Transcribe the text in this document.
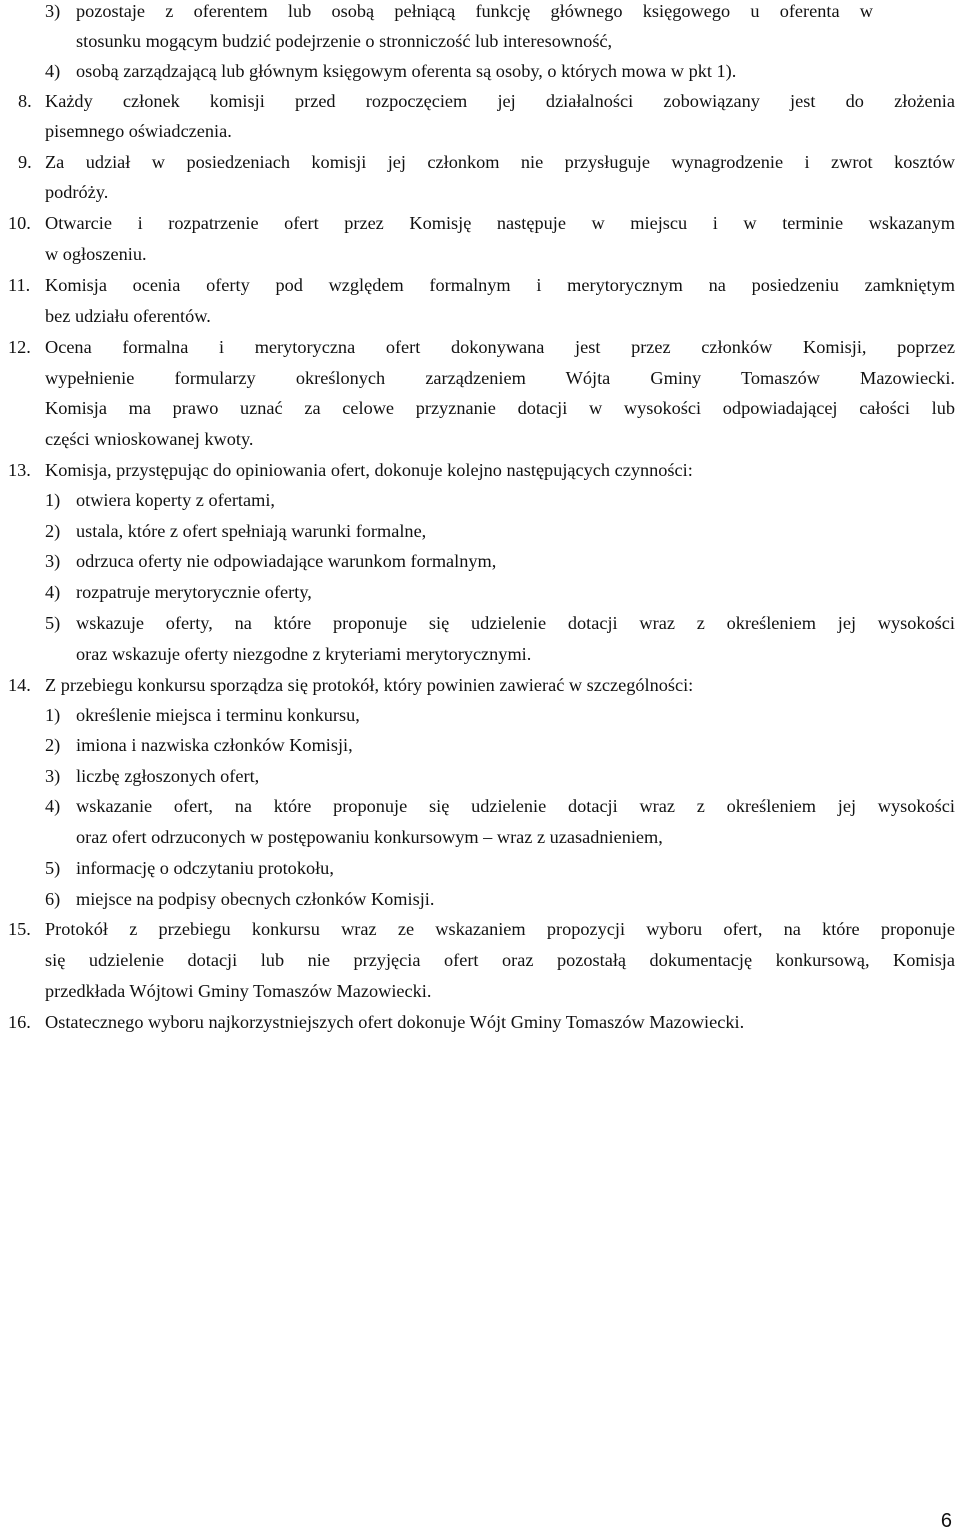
3) pozostaje z oferentem lub osobą pełniącą funkcję głównego księgowego u oferenta w
stosunku mogącym budzić podejrzenie o stronniczość lub interesowność,
4) osobą zarządzającą lub głównym księgowym oferenta są osoby, o których mowa w pkt 1).
8. Każdy członek komisji przed rozpoczęciem jej działalności zobowiązany jest do złożenia
pisemnego oświadczenia.
9. Za udział w posiedzeniach komisji jej członkom nie przysługuje wynagrodzenie i zwrot kosztów
podróży.
10. Otwarcie i rozpatrzenie ofert przez Komisję następuje w miejscu i w terminie wskazanym
w ogłoszeniu.
11. Komisja ocenia oferty pod względem formalnym i merytorycznym na posiedzeniu zamkniętym
bez udziału oferentów.
12. Ocena formalna i merytoryczna ofert dokonywana jest przez członków Komisji, poprzez
wypełnienie formularzy określonych zarządzeniem Wójta Gminy Tomaszów Mazowiecki.
Komisja ma prawo uznać za celowe przyznanie dotacji w wysokości odpowiadającej całości lub
części wnioskowanej kwoty.
13. Komisja, przystępując do opiniowania ofert, dokonuje kolejno następujących czynności:
1) otwiera koperty z ofertami,
2) ustala, które z ofert spełniają warunki formalne,
3) odrzuca oferty nie odpowiadające warunkom formalnym,
4) rozpatruje merytorycznie oferty,
5) wskazuje oferty, na które proponuje się udzielenie dotacji wraz z określeniem jej wysokości
oraz wskazuje oferty niezgodne z kryteriami merytorycznymi.
14. Z przebiegu konkursu sporządza się protokół, który powinien zawierać w szczególności:
1) określenie miejsca i terminu konkursu,
2) imiona i nazwiska członków Komisji,
3) liczbę zgłoszonych ofert,
4) wskazanie ofert, na które proponuje się udzielenie dotacji wraz z określeniem jej wysokości
oraz ofert odrzuconych w postępowaniu konkursowym – wraz z uzasadnieniem,
5) informację o odczytaniu protokołu,
6) miejsce na podpisy obecnych członków Komisji.
15. Protokół z przebiegu konkursu wraz ze wskazaniem propozycji wyboru ofert, na które proponuje
się udzielenie dotacji lub nie przyjęcia ofert oraz pozostałą dokumentację konkursową, Komisja
przedkłada Wójtowi Gminy Tomaszów Mazowiecki.
16. Ostatecznego wyboru najkorzystniejszych ofert dokonuje Wójt Gminy Tomaszów Mazowiecki.
6
